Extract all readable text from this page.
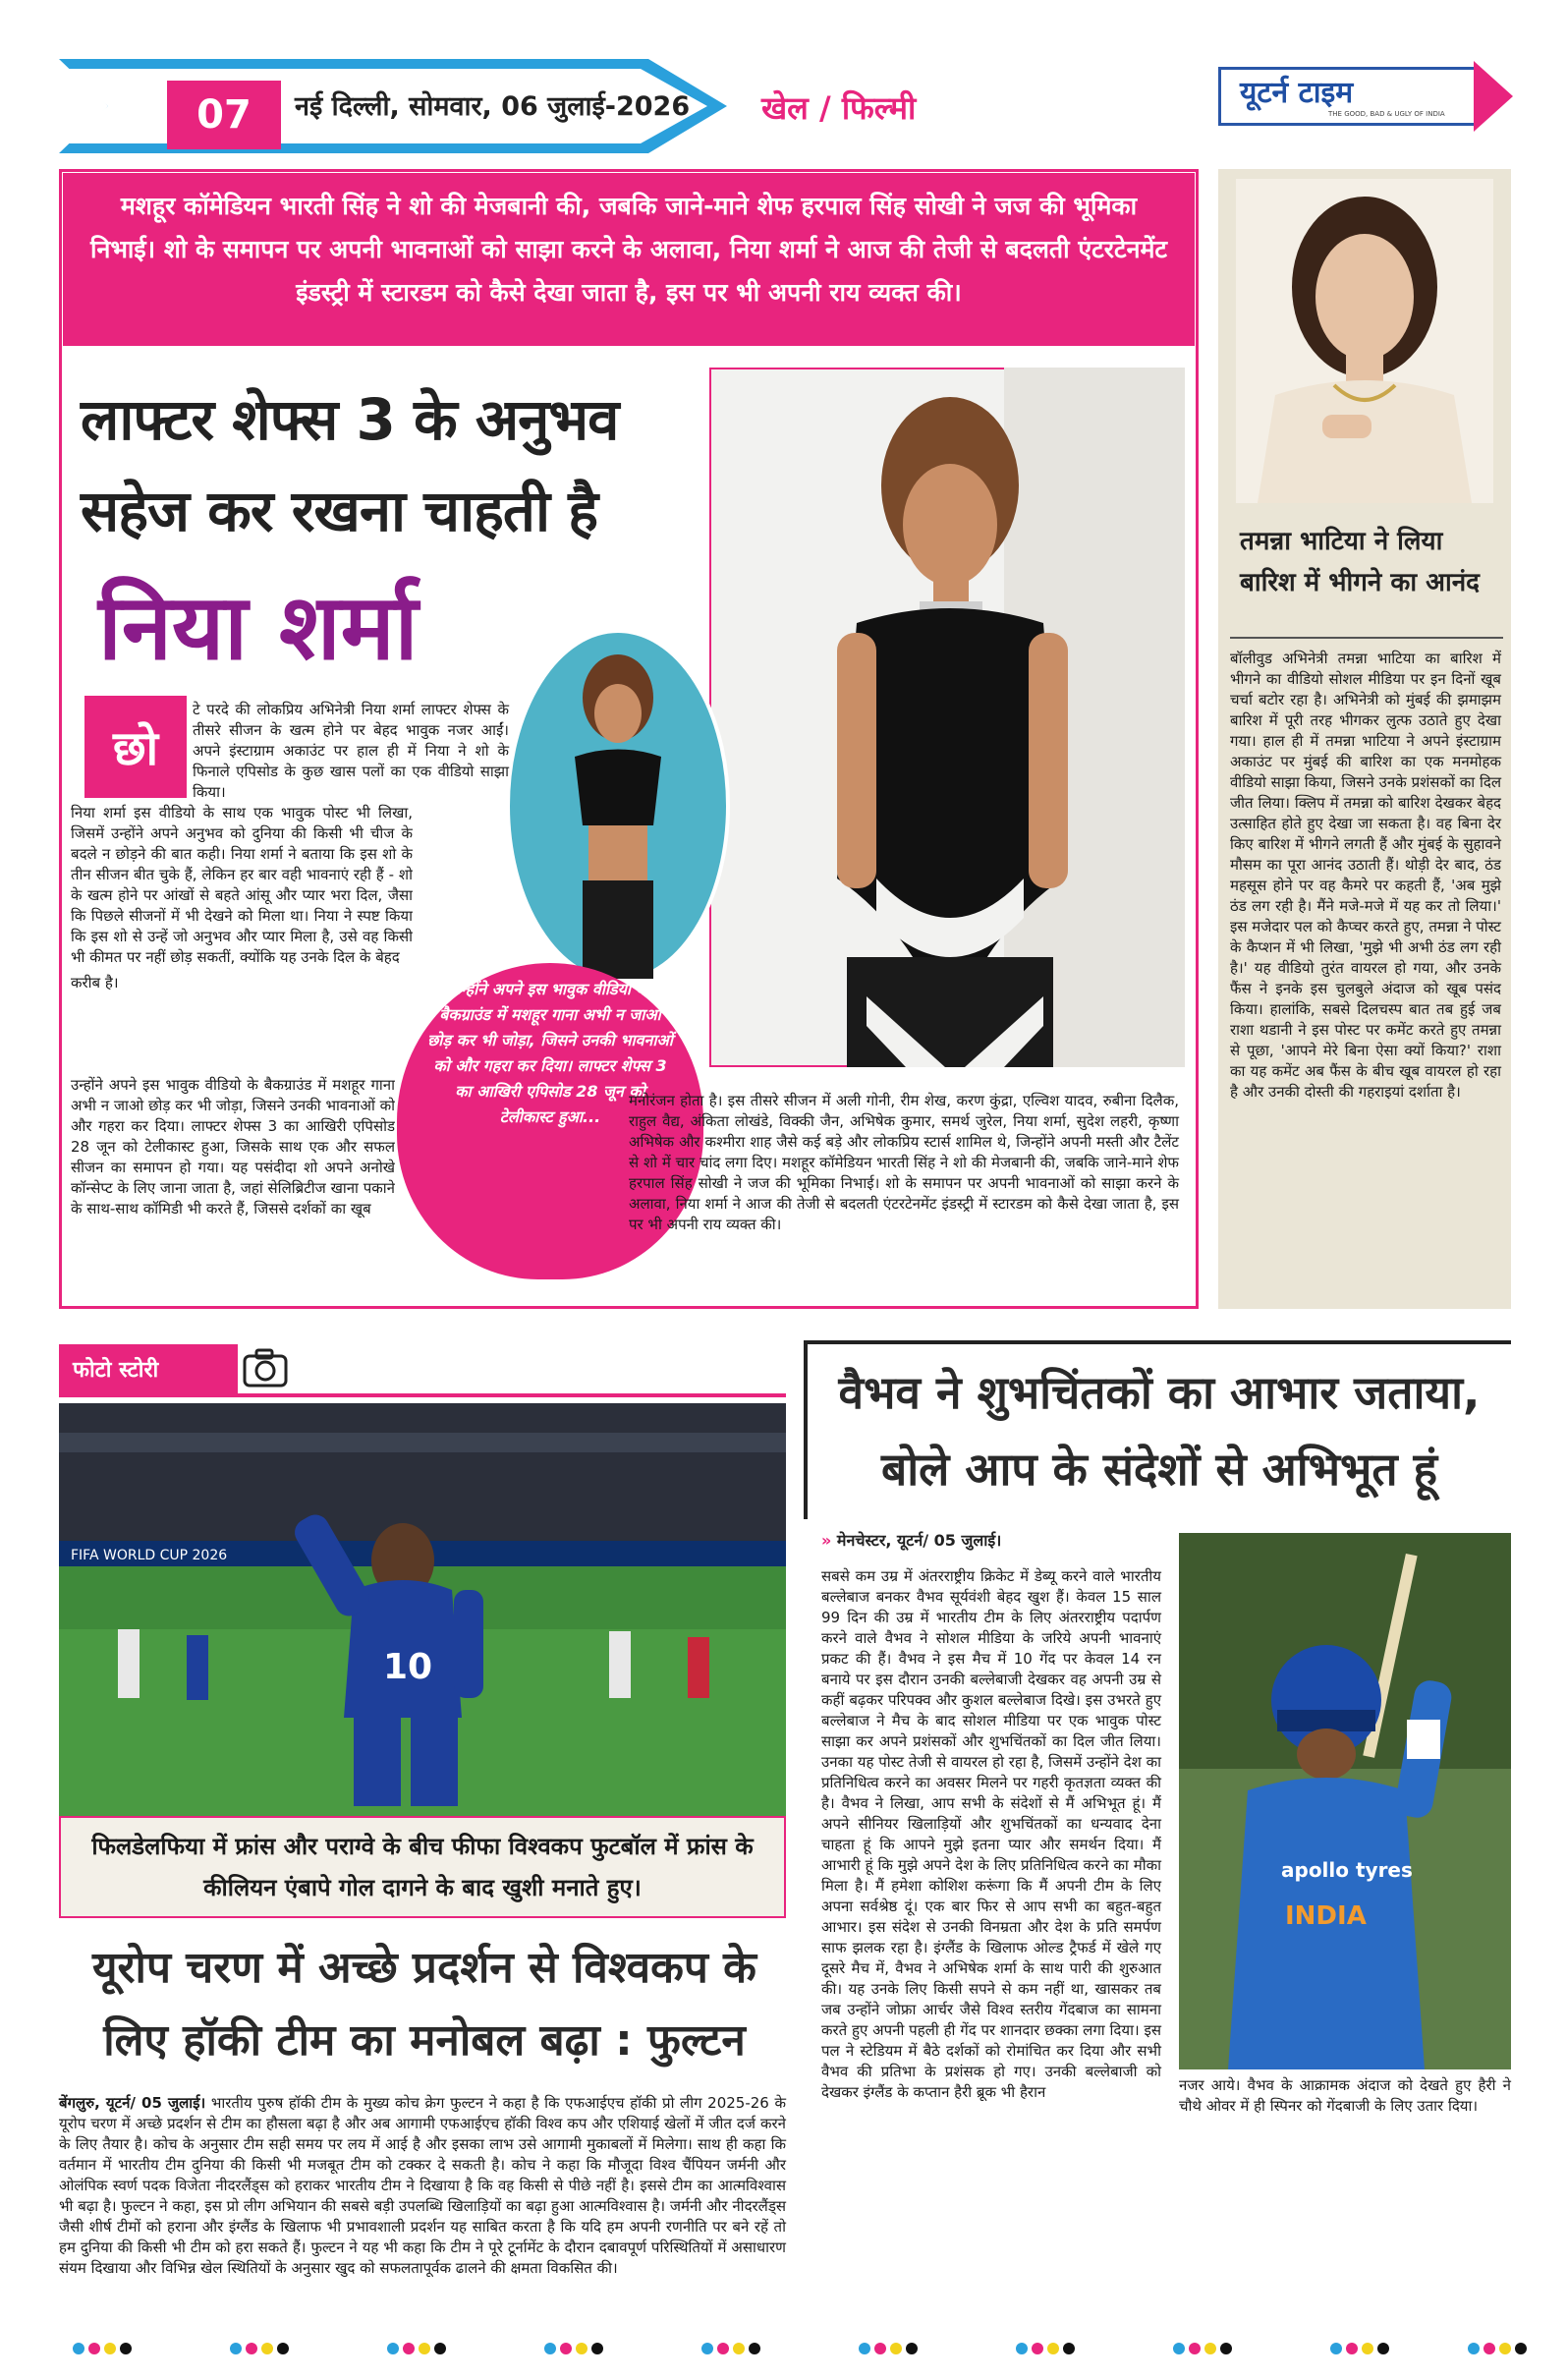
07	नई दिल्ली, सोमवार, 06 जुलाई-2026 खेल / फिल्मी	यूटर्न टाइम
THE GOOD, BAD & UGLY OF INDIA
मशहूर कॉमेडियन भारती सिंह ने शो की मेजबानी की, जबकि जाने-माने शेफ हरपाल सिंह सोखी ने जज की भूमिका निभाई। शो के समापन पर अपनी भावनाओं को साझा करने के अलावा, निया शर्मा ने आज की तेजी से बदलती एंटरटेनमेंट इंडस्ट्री में स्टारडम को कैसे देखा जाता है, इस पर भी अपनी राय व्यक्त की।
लाफ्टर शेफ्स 3 के अनुभव
सहेज कर रखना चाहती है
निया शर्मा
छो
टे परदे की लोकप्रिय अभिनेत्री निया शर्मा लाफ्टर शेफ्स के तीसरे सीजन के खत्म होने पर बेहद भावुक नजर आईं। अपने इंस्टाग्राम अकाउंट पर हाल ही में निया ने शो के फिनाले एपिसोड के कुछ खास पलों का एक वीडियो साझा किया।
निया शर्मा इस वीडियो के साथ एक भावुक पोस्ट भी लिखा, जिसमें उन्होंने अपने अनुभव को दुनिया की किसी भी चीज के बदले न छोड़ने की बात कही। निया शर्मा ने बताया कि इस शो के तीन सीजन बीत चुके हैं, लेकिन हर बार वही भावनाएं रही हैं - शो के खत्म होने पर आंखों से बहते आंसू और प्यार भरा दिल, जैसा कि पिछले सीजनों में भी देखने को मिला था। निया ने स्पष्ट किया कि इस शो से उन्हें जो अनुभव और प्यार मिला है, उसे वह किसी भी कीमत पर नहीं छोड़ सकतीं, क्योंकि यह उनके दिल के बेहद
करीब है।
उन्होंने अपने इस भावुक वीडियो के बैकग्राउंड में मशहूर गाना अभी न जाओ छोड़ कर भी जोड़ा, जिसने उनकी भावनाओं को और गहरा कर दिया। लाफ्टर शेफ्स 3 का आखिरी एपिसोड 28 जून को टेलीकास्ट हुआ, जिसके साथ एक और सफल सीजन का समापन हो गया। यह पसंदीदा शो अपने अनोखे कॉन्सेप्ट के लिए जाना जाता है, जहां सेलिब्रिटीज खाना पकाने के साथ-साथ कॉमिडी भी करते हैं, जिससे दर्शकों का खूब
उन्होंने अपने इस भावुक वीडियो के बैकग्राउंड में मशहूर गाना अभी न जाओ छोड़ कर भी जोड़ा, जिसने उनकी भावनाओं को और गहरा कर दिया। लाफ्टर शेफ्स 3 का आखिरी एपिसोड 28 जून को टेलीकास्ट हुआ...
मनोरंजन होता है। इस तीसरे सीजन में अली गोनी, रीम शेख, करण कुंद्रा, एल्विश यादव, रुबीना दिलैक, राहुल वैद्य, अंकिता लोखंडे, विक्की जैन, अभिषेक कुमार, समर्थ जुरेल, निया शर्मा, सुदेश लहरी, कृष्णा अभिषेक और कश्मीरा शाह जैसे कई बड़े और लोकप्रिय स्टार्स शामिल थे, जिन्होंने अपनी मस्ती और टैलेंट से शो में चार चांद लगा दिए। मशहूर कॉमेडियन भारती सिंह ने शो की मेजबानी की, जबकि जाने-माने शेफ हरपाल सिंह सोखी ने जज की भूमिका निभाई। शो के समापन पर अपनी भावनाओं को साझा करने के अलावा, निया शर्मा ने आज की तेजी से बदलती एंटरटेनमेंट इंडस्ट्री में स्टारडम को कैसे देखा जाता है, इस पर भी अपनी राय व्यक्त की।
तमन्ना भाटिया ने लिया बारिश में भीगने का आनंद
बॉलीवुड अभिनेत्री तमन्ना भाटिया का बारिश में भीगने का वीडियो सोशल मीडिया पर इन दिनों खूब चर्चा बटोर रहा है। अभिनेत्री को मुंबई की झमाझम बारिश में पूरी तरह भीगकर लुत्फ उठाते हुए देखा गया। हाल ही में तमन्ना भाटिया ने अपने इंस्टाग्राम अकाउंट पर मुंबई की बारिश का एक मनमोहक वीडियो साझा किया, जिसने उनके प्रशंसकों का दिल जीत लिया। क्लिप में तमन्ना को बारिश देखकर बेहद उत्साहित होते हुए देखा जा सकता है। वह बिना देर किए बारिश में भीगने लगती हैं और मुंबई के सुहावने मौसम का पूरा आनंद उठाती हैं। थोड़ी देर बाद, ठंड महसूस होने पर वह कैमरे पर कहती हैं, 'अब मुझे ठंड लग रही है। मैंने मजे-मजे में यह कर तो लिया।' इस मजेदार पल को कैप्चर करते हुए, तमन्ना ने पोस्ट के कैप्शन में भी लिखा, 'मुझे भी अभी ठंड लग रही है।' यह वीडियो तुरंत वायरल हो गया, और उनके फैंस ने इनके इस चुलबुले अंदाज को खूब पसंद किया। हालांकि, सबसे दिलचस्प बात तब हुई जब राशा थडानी ने इस पोस्ट पर कमेंट करते हुए तमन्ना से पूछा, 'आपने मेरे बिना ऐसा क्यों किया?' राशा का यह कमेंट अब फैंस के बीच खूब वायरल हो रहा है और उनकी दोस्ती की गहराइयां दर्शाता है।
फोटो स्टोरी
FIFA WORLD CUP 2026
10
फिलडेलफिया में फ्रांस और पराग्वे के बीच फीफा विश्वकप फुटबॉल में फ्रांस के कीलियन एंबापे गोल दागने के बाद खुशी मनाते हुए।
यूरोप चरण में अच्छे प्रदर्शन से विश्वकप के लिए हॉकी टीम का मनोबल बढ़ा : फुल्टन
बेंगलुरु, यूटर्न/ 05 जुलाई। भारतीय पुरुष हॉकी टीम के मुख्य कोच क्रेग फुल्टन ने कहा है कि एफआईएच हॉकी प्रो लीग 2025-26 के यूरोप चरण में अच्छे प्रदर्शन से टीम का हौसला बढ़ा है और अब आगामी एफआईएच हॉकी विश्व कप और एशियाई खेलों में जीत दर्ज करने के लिए तैयार है। कोच के अनुसार टीम सही समय पर लय में आई है और इसका लाभ उसे आगामी मुकाबलों में मिलेगा। साथ ही कहा कि वर्तमान में भारतीय टीम दुनिया की किसी भी मजबूत टीम को टक्कर दे सकती है। कोच ने कहा कि मौजूदा विश्व चैंपियन जर्मनी और ओलंपिक स्वर्ण पदक विजेता नीदरलैंड्स को हराकर भारतीय टीम ने दिखाया है कि वह किसी से पीछे नहीं है। इससे टीम का आत्मविश्वास भी बढ़ा है। फुल्टन ने कहा, इस प्रो लीग अभियान की सबसे बड़ी उपलब्धि खिलाड़ियों का बढ़ा हुआ आत्मविश्वास है। जर्मनी और नीदरलैंड्स जैसी शीर्ष टीमों को हराना और इंग्लैंड के खिलाफ भी प्रभावशाली प्रदर्शन यह साबित करता है कि यदि हम अपनी रणनीति पर बने रहें तो हम दुनिया की किसी भी टीम को हरा सकते हैं। फुल्टन ने यह भी कहा कि टीम ने पूरे टूर्नामेंट के दौरान दबावपूर्ण परिस्थितियों में असाधारण संयम दिखाया और विभिन्न खेल स्थितियों के अनुसार खुद को सफलतापूर्वक ढालने की क्षमता विकसित की।
वैभव ने शुभचिंतकों का आभार जताया,
बोले आप के संदेशों से अभिभूत हूं
» मेनचेस्टर, यूटर्न/ 05 जुलाई।
सबसे कम उम्र में अंतरराष्ट्रीय क्रिकेट में डेब्यू करने वाले भारतीय बल्लेबाज बनकर वैभव सूर्यवंशी बेहद खुश हैं। केवल 15 साल 99 दिन की उम्र में भारतीय टीम के लिए अंतरराष्ट्रीय पदार्पण करने वाले वैभव ने सोशल मीडिया के जरिये अपनी भावनाएं प्रकट की हैं। वैभव ने इस मैच में 10 गेंद पर केवल 14 रन बनाये पर इस दौरान उनकी बल्लेबाजी देखकर वह अपनी उम्र से कहीं बढ़कर परिपक्व और कुशल बल्लेबाज दिखे। इस उभरते हुए बल्लेबाज ने मैच के बाद सोशल मीडिया पर एक भावुक पोस्ट साझा कर अपने प्रशंसकों और शुभचिंतकों का दिल जीत लिया। उनका यह पोस्ट तेजी से वायरल हो रहा है, जिसमें उन्होंने देश का प्रतिनिधित्व करने का अवसर मिलने पर गहरी कृतज्ञता व्यक्त की है। वैभव ने लिखा, आप सभी के संदेशों से मैं अभिभूत हूं। मैं अपने सीनियर खिलाड़ियों और शुभचिंतकों का धन्यवाद देना चाहता हूं कि आपने मुझे इतना प्यार और समर्थन दिया। मैं आभारी हूं कि मुझे अपने देश के लिए प्रतिनिधित्व करने का मौका मिला है। मैं हमेशा कोशिश करूंगा कि मैं अपनी टीम के लिए अपना सर्वश्रेष्ठ दूं। एक बार फिर से आप सभी का बहुत-बहुत आभार। इस संदेश से उनकी विनम्रता और देश के प्रति समर्पण साफ झलक रहा है। इंग्लैंड के खिलाफ ओल्ड ट्रैफर्ड में खेले गए दूसरे मैच में, वैभव ने अभिषेक शर्मा के साथ पारी की शुरुआत की। यह उनके लिए किसी सपने से कम नहीं था, खासकर तब जब उन्होंने जोफ्रा आर्चर जैसे विश्व स्तरीय गेंदबाज का सामना करते हुए अपनी पहली ही गेंद पर शानदार छक्का लगा दिया। इस पल ने स्टेडियम में बैठे दर्शकों को रोमांचित कर दिया और सभी वैभव की प्रतिभा के प्रशंसक हो गए। उनकी बल्लेबाजी को देखकर इंग्लैंड के कप्तान हैरी ब्रूक भी हैरान
apollo tyres
INDIA
नजर आये। वैभव के आक्रामक अंदाज को देखते हुए हैरी ने चौथे ओवर में ही स्पिनर को गेंदबाजी के लिए उतार दिया।
